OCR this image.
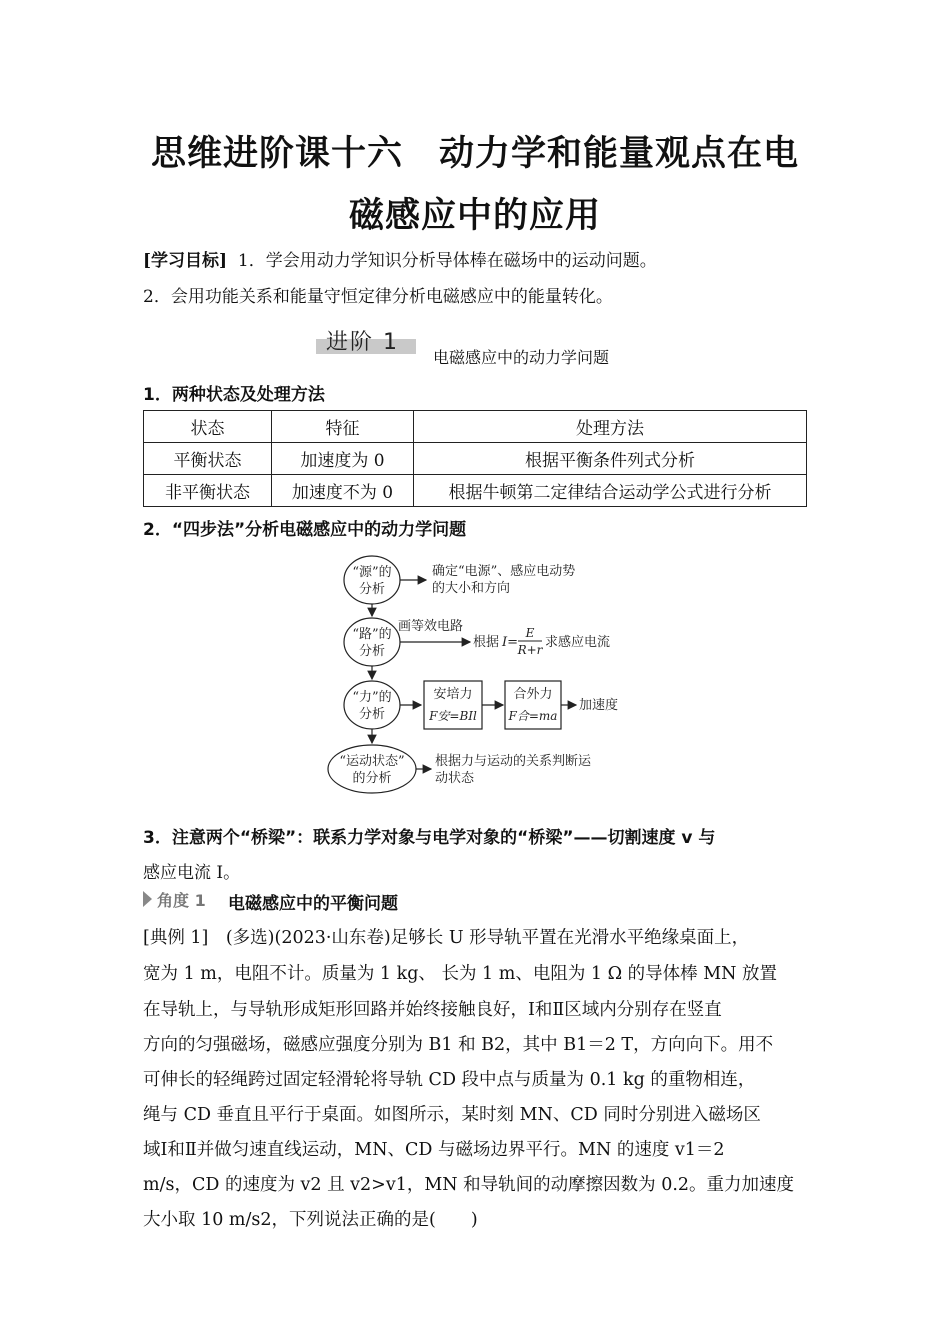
思维进阶课十六　动力学和能量观点在电
磁感应中的应用
[学习目标] 1．学会用动力学知识分析导体棒在磁场中的运动问题。
2．会用功能关系和能量守恒定律分析电磁感应中的能量转化。
进阶 1
电磁感应中的动力学问题
1．两种状态及处理方法
状态	特征	处理方法
平衡状态	加速度为 0	根据平衡条件列式分析
非平衡状态	加速度不为 0	根据牛顿第二定律结合运动学公式进行分析
2．“四步法”分析电磁感应中的动力学问题
“源”的
分析
确定“电源”、感应电动势
的大小和方向
“路”的
分析
画等效电路
根据 I=
E
R+r 求感应电流
“力”的
分析
安培力
F安=BIl
合外力
F合=ma
加速度
“运动状态”
的分析
根据力与运动的关系判断运
动状态
3．注意两个“桥梁”：联系力学对象与电学对象的“桥梁”——切割速度 v 与
感应电流 I。
角度 1 电磁感应中的平衡问题
[典例 1]　(多选)(2023·山东卷)足够长 U 形导轨平置在光滑水平绝缘桌面上，
宽为 1 m，电阻不计。质量为 1 kg、 长为 1 m、电阻为 1 Ω 的导体棒 MN 放置
在导轨上，与导轨形成矩形回路并始终接触良好，Ⅰ和Ⅱ区域内分别存在竖直
方向的匀强磁场，磁感应强度分别为 B1 和 B2，其中 B1＝2 T，方向向下。用不
可伸长的轻绳跨过固定轻滑轮将导轨 CD 段中点与质量为 0.1 kg 的重物相连，
绳与 CD 垂直且平行于桌面。如图所示，某时刻 MN、CD 同时分别进入磁场区
域Ⅰ和Ⅱ并做匀速直线运动，MN、CD 与磁场边界平行。MN 的速度 v1＝2
m/s，CD 的速度为 v2 且 v2>v1，MN 和导轨间的动摩擦因数为 0.2。重力加速度
大小取 10 m/s2，下列说法正确的是(　　)
